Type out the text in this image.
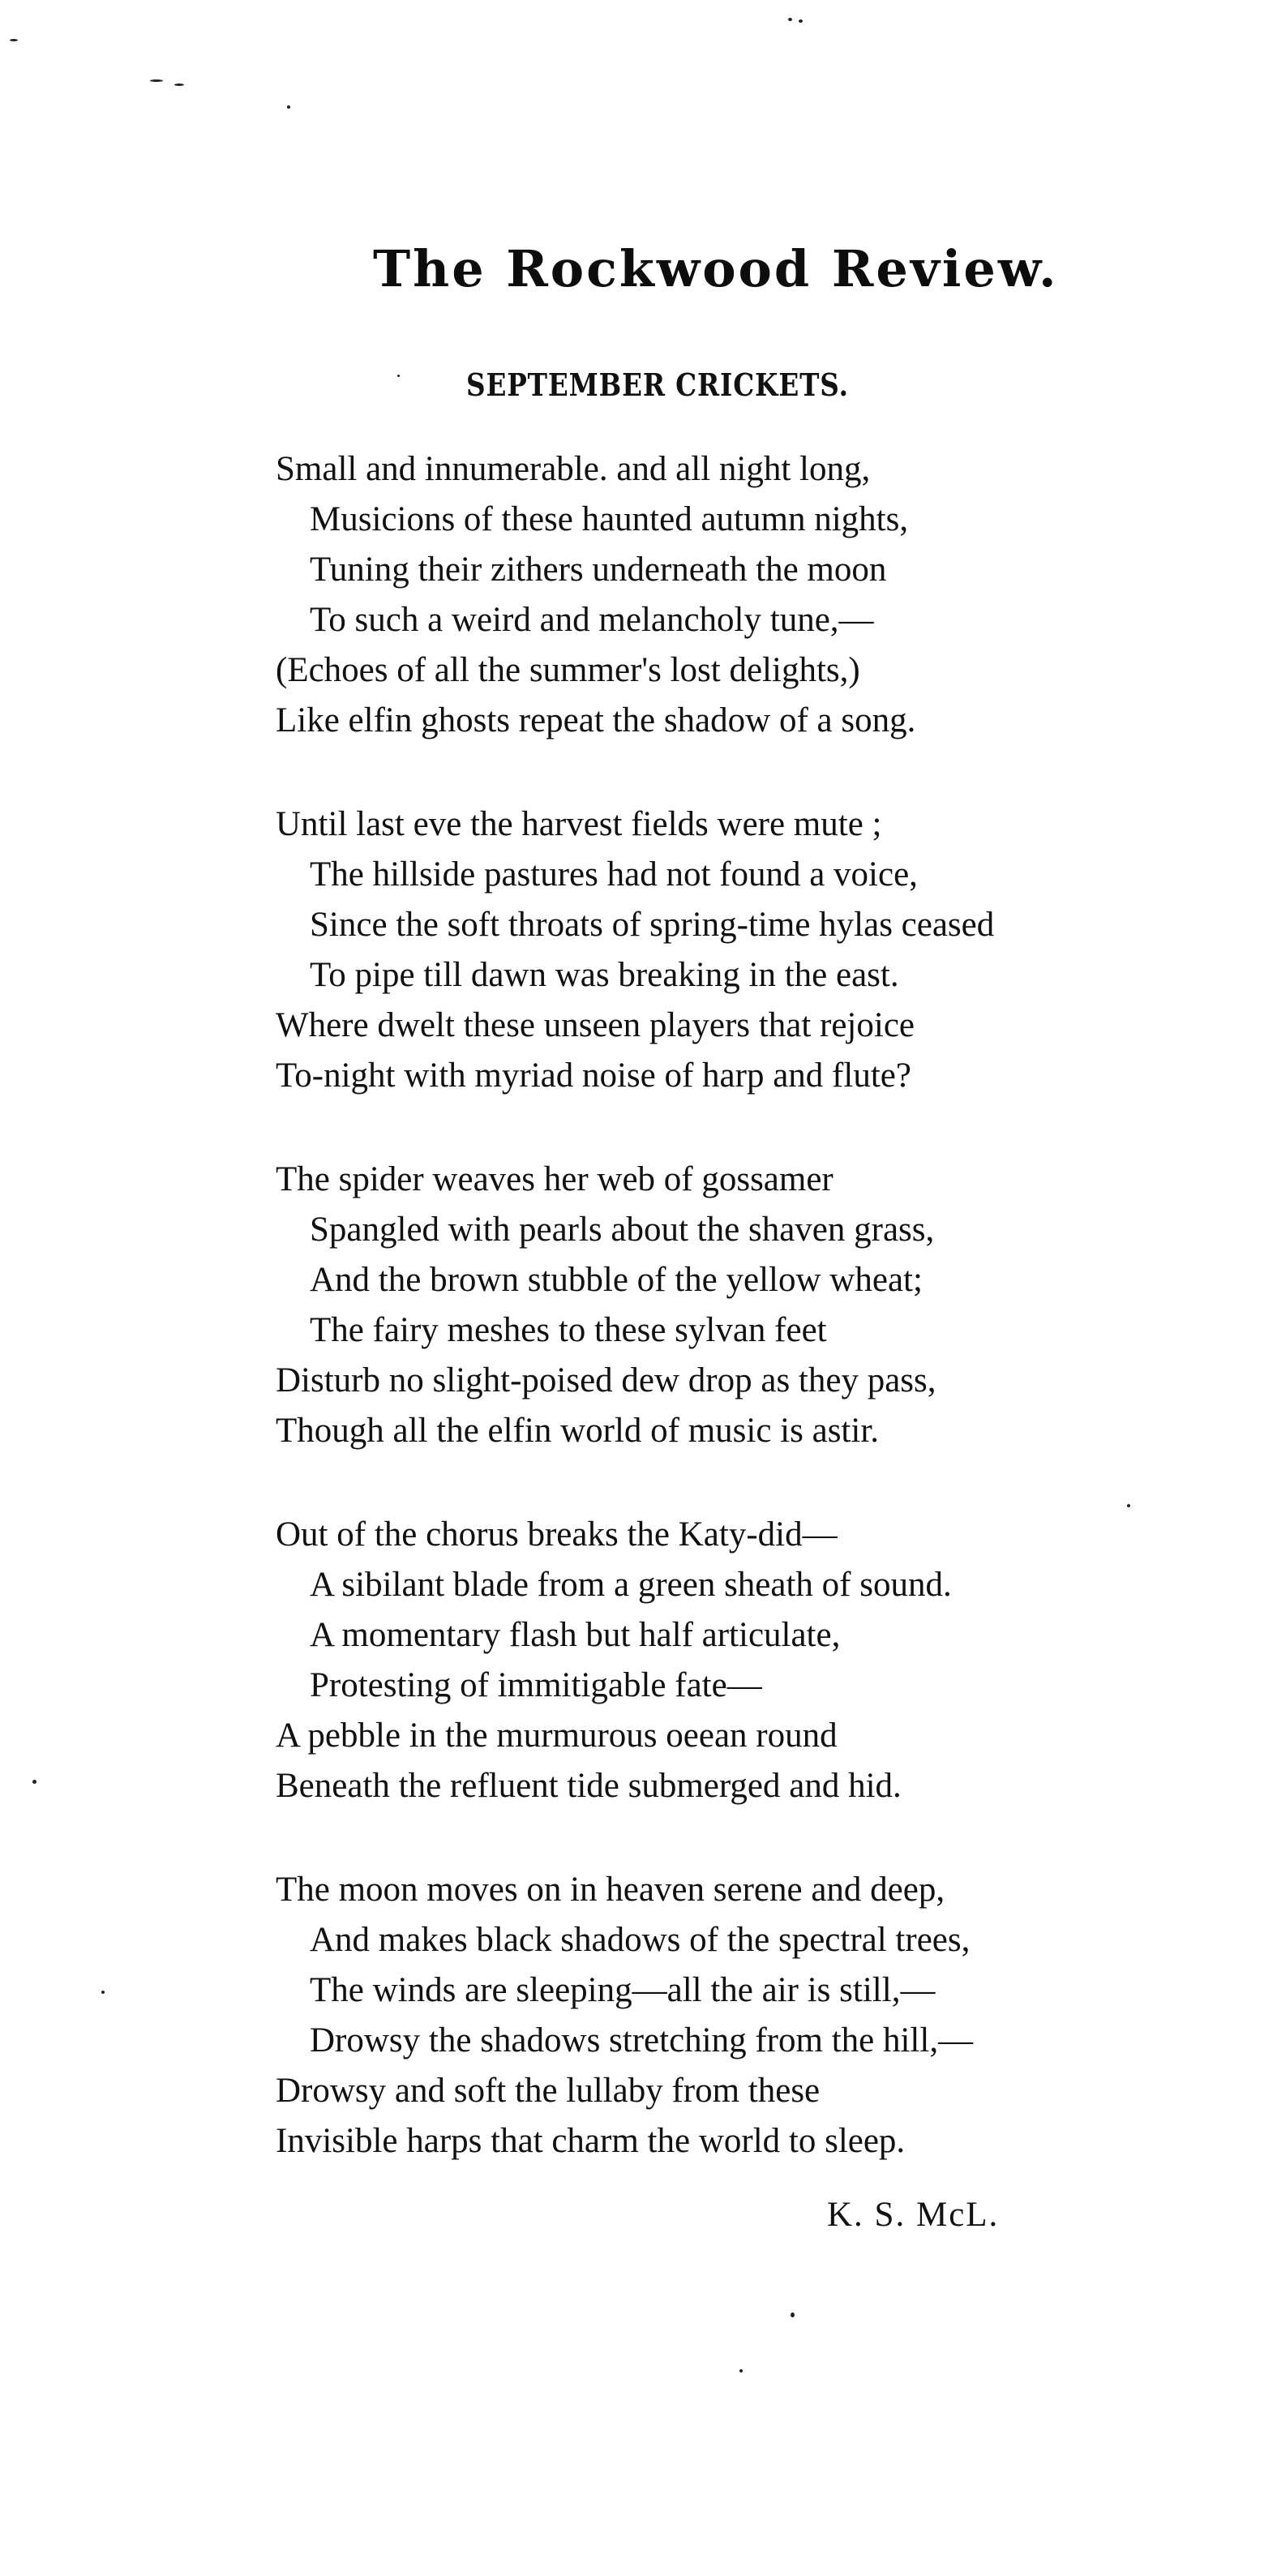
The Rockwood Review.
SEPTEMBER CRICKETS.
Small and innumerable. and all night long,
Musicions of these haunted autumn nights,
Tuning their zithers underneath the moon
To such a weird and melancholy tune,—
(Echoes of all the summer's lost delights,)
Like elfin ghosts repeat the shadow of a song.
Until last eve the harvest fields were mute ;
The hillside pastures had not found a voice,
Since the soft throats of spring-time hylas ceased
To pipe till dawn was breaking in the east.
Where dwelt these unseen players that rejoice
To-night with myriad noise of harp and flute?
The spider weaves her web of gossamer
Spangled with pearls about the shaven grass,
And the brown stubble of the yellow wheat;
The fairy meshes to these sylvan feet
Disturb no slight-poised dew drop as they pass,
Though all the elfin world of music is astir.
Out of the chorus breaks the Katy-did—
A sibilant blade from a green sheath of sound.
A momentary flash but half articulate,
Protesting of immitigable fate—
A pebble in the murmurous oeean round
Beneath the refluent tide submerged and hid.
The moon moves on in heaven serene and deep,
And makes black shadows of the spectral trees,
The winds are sleeping—all the air is still,—
Drowsy the shadows stretching from the hill,—
Drowsy and soft the lullaby from these
Invisible harps that charm the world to sleep.
K. S. McL.
